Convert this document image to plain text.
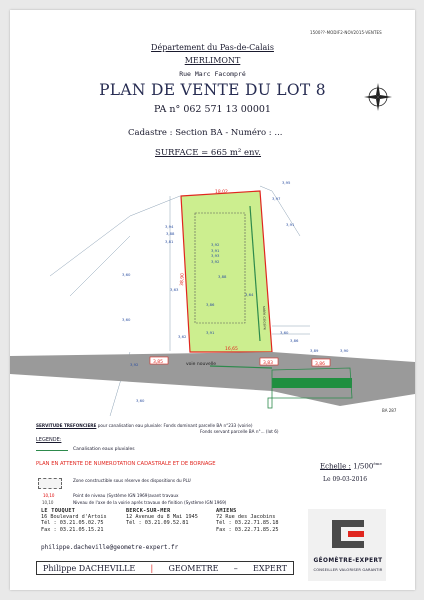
1500??-MODIF2-NOV2015-VENTES
Département du Pas-de-Calais
MERLIMONT
Rue Marc Facompré
PLAN DE VENTE DU LOT 8
PA n° 062 571 13 00001
Cadastre : Section BA - Numéro : ...
SURFACE = 665 m² env.
3,85	3,83	3,86
18,02
38,90
16,65
voie nouvelle
sable calcaire
BA 287
3,95
3,97
3,91
3,94
3,88
3,81
3,60
3,63
3,60
3,62
3,64
3,91	3,60
3,92
3,91
3,93
3,92
3,86
3,88
3,86
3,89	3,90
3,92
3,60
SERVITUDE TREFONCIERE pour canalisation eau pluviale: Fonds dominant parcelle BA n°233 (voirie)
Fonds servant parcelle BA n°... (lot 6)
LEGENDE:
Canalisation eaux pluviales
PLAN EN ATTENTE DE NUMEROTATION CADASTRALE ET DE BORNAGE	Echelle : 1/500ème
Le 09-03-2016
Zone constructible sous réserve des dispositions du PLU
10,10	Point de niveau (Système IGN 1969)avant travaux
10,10	Niveau de l'axe de la voirie après travaux de finition (Système IGN 1969)
LE TOUQUET
16 Boulevard d'Artois
Tél : 03.21.05.02.75
Fax : 03.21.05.15.21
BERCK-SUR-MER
12 Avenue du 8 Mai 1945
Tél : 03.21.09.52.81
AMIENS
72 Rue des Jacobins
Tél : 03.22.71.85.18
Fax : 03.22.71.85.25
philippe.dacheville@geometre-expert.fr
Philippe DACHEVILLE | GEOMETRE – EXPERT
GÉOMÈTRE-EXPERT
CONSEILLER VALORISER GARANTIR
